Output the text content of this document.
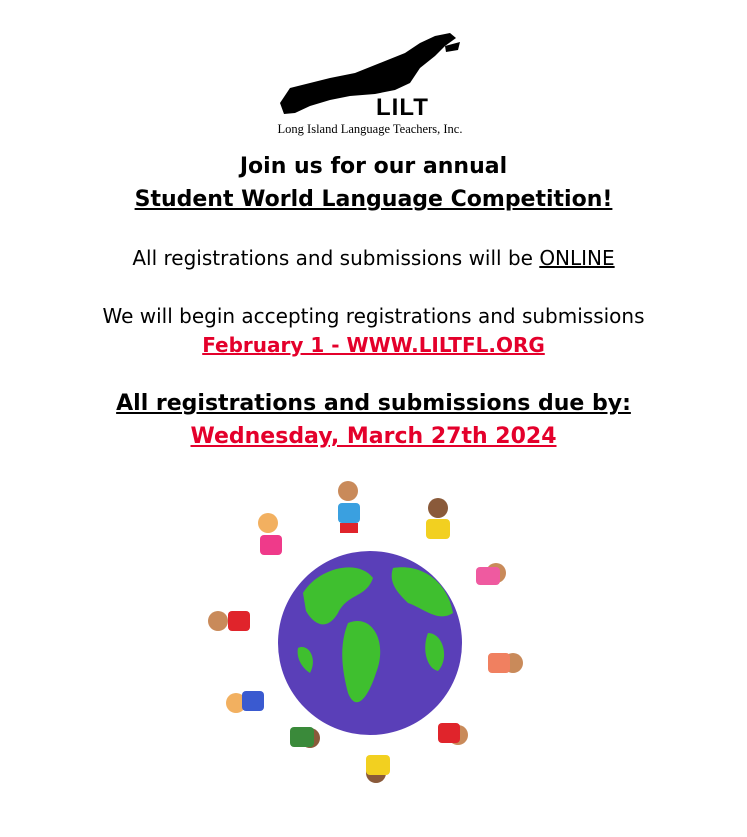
LILT
Long Island Language Teachers, Inc.
Join us for our annual
Student World Language Competition!
All registrations and submissions will be ONLINE
We will begin accepting registrations and submissions
February 1 - WWW.LILTFL.ORG
All registrations and submissions due by:
Wednesday, March 27th 2024
